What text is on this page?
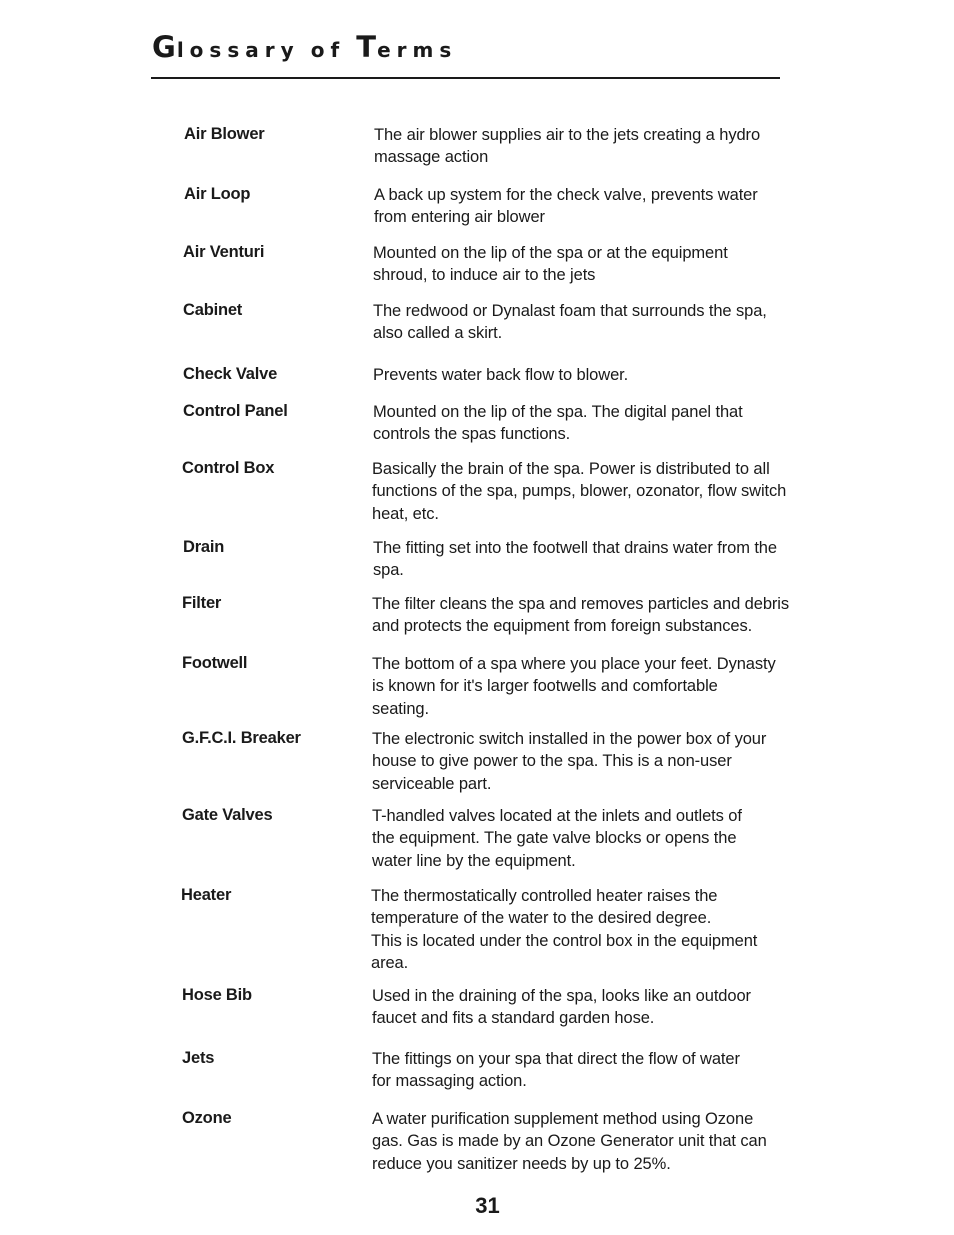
Glossary of Terms
Air Blower	The air blower supplies air to the jets creating a hydro
massage action
Air Loop	A back up system for the check valve, prevents water
from entering air blower
Air Venturi	Mounted on the lip of the spa or at the equipment
shroud, to induce air to the jets
Cabinet	The redwood or Dynalast foam that surrounds the spa,
also called a skirt.
Check Valve	Prevents water back flow to blower.
Control Panel	Mounted on the lip of the spa. The digital panel that
controls the spas functions.
Control Box	Basically the brain of the spa. Power is distributed to all
functions of the spa, pumps, blower, ozonator, flow switch
heat, etc.
Drain	The fitting set into the footwell that drains water from the
spa.
Filter	The filter cleans the spa and removes particles and debris
and protects the equipment from foreign substances.
Footwell	The bottom of a spa where you place your feet. Dynasty
is known for it's larger footwells and comfortable
seating.
G.F.C.I. Breaker	The electronic switch installed in the power box of your
house to give power to the spa. This is a non-user
serviceable part.
Gate Valves	T-handled valves located at the inlets and outlets of
the equipment. The gate valve blocks or opens the
water line by the equipment.
Heater	The thermostatically controlled heater raises the
temperature of the water to the desired degree.
This is located under the control box in the equipment
area.
Hose Bib	Used in the draining of the spa, looks like an outdoor
faucet and fits a standard garden hose.
Jets	The fittings on your spa that direct the flow of water
for massaging action.
Ozone	A water purification supplement method using Ozone
gas. Gas is made by an Ozone Generator unit that can
reduce you sanitizer needs by up to 25%.
31
